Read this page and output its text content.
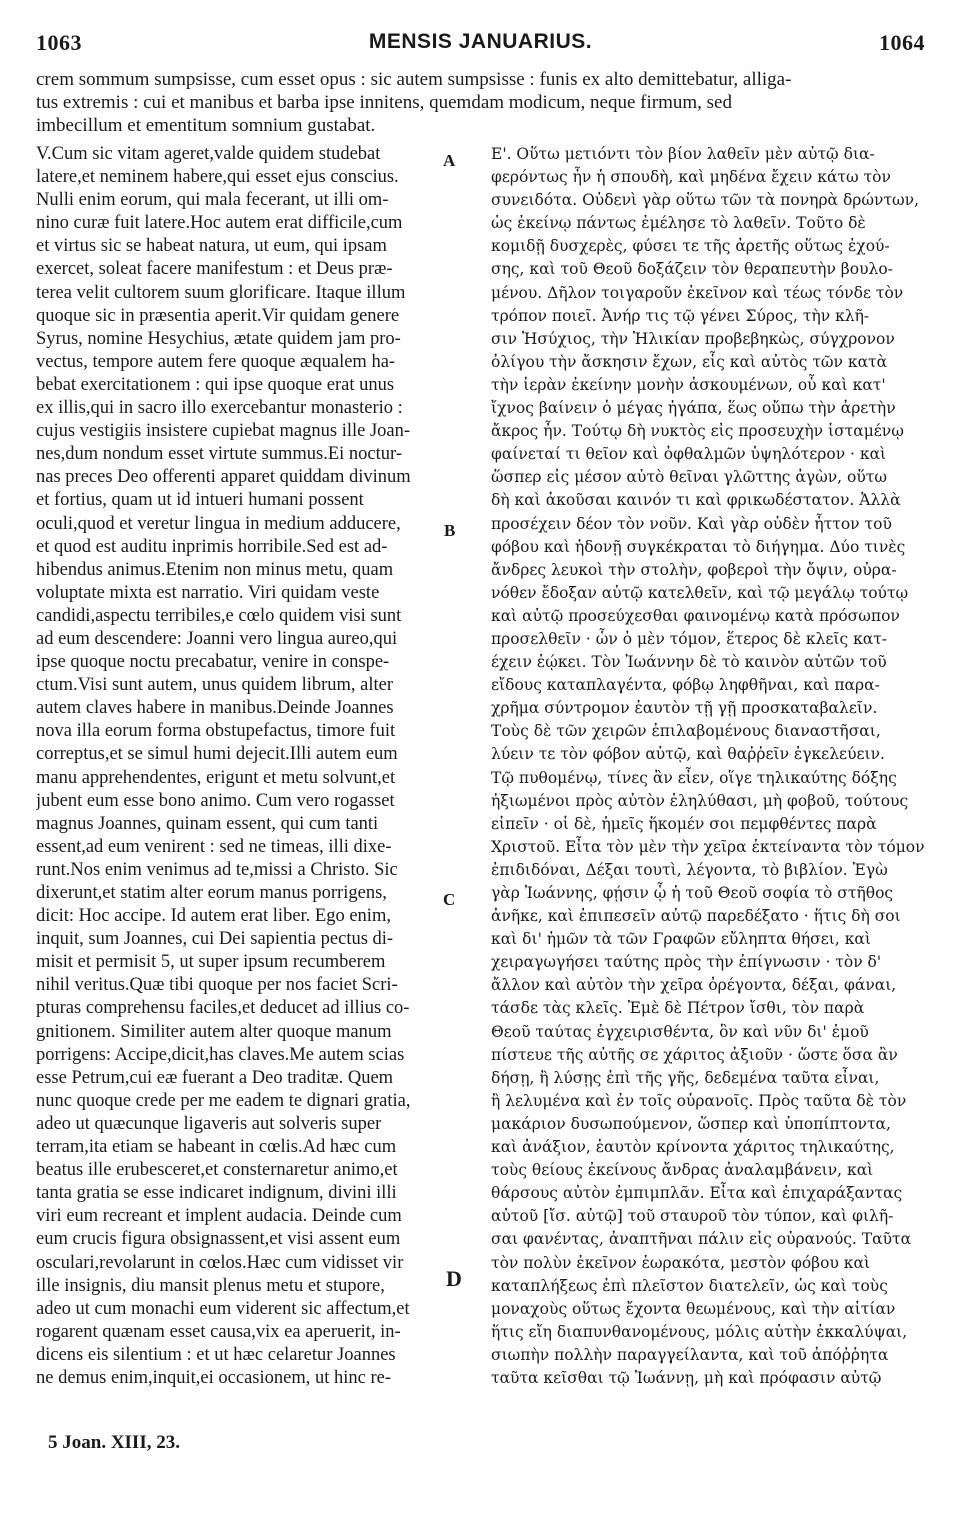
1063	MENSIS JANUARIUS.	1064
crem sommum sumpsisse, cum esset opus : sic autem sumpsisse : funis ex alto demittebatur, alliga-
tus extremis : cui et manibus et barba ipse innitens, quemdam modicum, neque firmum, sed
imbecillum et ementitum somnium gustabat.
V.Cum sic vitam ageret,valde quidem studebat
latere,et neminem habere,qui esset ejus conscius.
Nulli enim eorum, qui mala fecerant, ut illi om-
nino curæ fuit latere.Hoc autem erat difficile,cum
et virtus sic se habeat natura, ut eum, qui ipsam
exercet, soleat facere manifestum : et Deus præ-
terea velit cultorem suum glorificare. Itaque illum
quoque sic in præsentia aperit.Vir quidam genere
Syrus, nomine Hesychius, ætate quidem jam pro-
vectus, tempore autem fere quoque æqualem ha-
bebat exercitationem : qui ipse quoque erat unus
ex illis,qui in sacro illo exercebantur monasterio :
cujus vestigiis insistere cupiebat magnus ille Joan-
nes,dum nondum esset virtute summus.Ei noctur-
nas preces Deo offerenti apparet quiddam divinum
et fortius, quam ut id intueri humani possent
oculi,quod et veretur lingua in medium adducere,
et quod est auditu inprimis horribile.Sed est ad-
hibendus animus.Etenim non minus metu, quam
voluptate mixta est narratio. Viri quidam veste
candidi,aspectu terribiles,e cœlo quidem visi sunt
ad eum descendere: Joanni vero lingua aureo,qui
ipse quoque noctu precabatur, venire in conspe-
ctum.Visi sunt autem, unus quidem librum, alter
autem claves habere in manibus.Deinde Joannes
nova illa eorum forma obstupefactus, timore fuit
correptus,et se simul humi dejecit.Illi autem eum
manu apprehendentes, erigunt et metu solvunt,et
jubent eum esse bono animo. Cum vero rogasset
magnus Joannes, quinam essent, qui cum tanti
essent,ad eum venirent : sed ne timeas, illi dixe-
runt.Nos enim venimus ad te,missi a Christo. Sic
dixerunt,et statim alter eorum manus porrigens,
dicit: Hoc accipe. Id autem erat liber. Ego enim,
inquit, sum Joannes, cui Dei sapientia pectus di-
misit et permisit 5, ut super ipsum recumberem
nihil veritus.Quæ tibi quoque per nos faciet Scri-
pturas comprehensu faciles,et deducet ad illius co-
gnitionem. Similiter autem alter quoque manum
porrigens: Accipe,dicit,has claves.Me autem scias
esse Petrum,cui eæ fuerant a Deo traditæ. Quem
nunc quoque crede per me eadem te dignari gratia,
adeo ut quæcunque ligaveris aut solveris super
terram,ita etiam se habeant in cœlis.Ad hæc cum
beatus ille erubesceret,et consternaretur animo,et
tanta gratia se esse indicaret indignum, divini illi
viri eum recreant et implent audacia. Deinde cum
eum crucis figura obsignassent,et visi assent eum
osculari,revolarunt in cœlos.Hæc cum vidisset vir
ille insignis, diu mansit plenus metu et stupore,
adeo ut cum monachi eum viderent sic affectum,et
rogarent quænam esset causa,vix ea aperuerit, in-
dicens eis silentium : et ut hæc celaretur Joannes
ne demus enim,inquit,ei occasionem, ut hinc re-
Ε'. Οὕτω μετιόντι τὸν βίον λαθεῖν μὲν αὐτῷ δια-
φερόντως ἦν ἡ σπουδὴ, καὶ μηδένα ἔχειν κάτω τὸν
συνειδότα. Οὐδενὶ γὰρ οὕτω τῶν τὰ πονηρὰ δρώντων,
ὡς ἐκείνῳ πάντως ἐμέλησε τὸ λαθεῖν. Τοῦτο δὲ
κομιδῇ δυσχερὲς, φύσει τε τῆς ἀρετῆς οὕτως ἐχού-
σης, καὶ τοῦ Θεοῦ δοξάζειν τὸν θεραπευτὴν βουλο-
μένου. Δῆλον τοιγαροῦν ἐκεῖνον καὶ τέως τόνδε τὸν
τρόπον ποιεῖ. Ἀνήρ τις τῷ γένει Σύρος, τὴν κλῆ-
σιν Ἡσύχιος, τὴν Ἡλικίαν προβεβηκὼς, σύγχρονον
ὀλίγου τὴν ἄσκησιν ἔχων, εἷς καὶ αὐτὸς τῶν κατὰ
τὴν ἱερὰν ἐκείνην μονὴν ἀσκουμένων, οὗ καὶ κατ'
ἴχνος βαίνειν ὁ μέγας ἠγάπα, ἕως οὔπω τὴν ἀρετὴν
ἄκρος ἦν. Τούτῳ δὴ νυκτὸς εἰς προσευχὴν ἱσταμένῳ
φαίνεταί τι θεῖον καὶ ὀφθαλμῶν ὑψηλότερον · καὶ
ὥσπερ εἰς μέσον αὐτὸ θεῖναι γλῶττης ἀγὼν, οὕτω
δὴ καὶ ἀκοῦσαι καινόν τι καὶ φρικωδέστατον. Ἀλλὰ
προσέχειν δέον τὸν νοῦν. Καὶ γὰρ οὐδὲν ἧττον τοῦ
φόβου καὶ ἡδονῇ συγκέκραται τὸ διήγημα. Δύο τινὲς
ἄνδρες λευκοὶ τὴν στολὴν, φοβεροὶ τὴν ὄψιν, οὐρα-
νόθεν ἔδοξαν αὐτῷ κατελθεῖν, καὶ τῷ μεγάλῳ τούτῳ
καὶ αὐτῷ προσεύχεσθαι φαινομένῳ κατὰ πρόσωπον
προσελθεῖν · ὧν ὁ μὲν τόμον, ἕτερος δὲ κλεῖς κατ-
έχειν ἐῴκει. Τὸν Ἰωάννην δὲ τὸ καινὸν αὐτῶν τοῦ
εἴδους καταπλαγέντα, φόβῳ ληφθῆναι, καὶ παρα-
χρῆμα σύντρομον ἑαυτὸν τῇ γῇ προσκαταβαλεῖν.
Τοὺς δὲ τῶν χειρῶν ἐπιλαβομένους διαναστῆσαι,
λύειν τε τὸν φόβον αὐτῷ, καὶ θαῤῥεῖν ἐγκελεύειν.
Τῷ πυθομένῳ, τίνες ἂν εἶεν, οἵγε τηλικαύτης δόξης
ἠξιωμένοι πρὸς αὐτὸν ἐληλύθασι, μὴ φοβοῦ, τούτους
εἰπεῖν · οἱ δὲ, ἡμεῖς ἥκομέν σοι πεμφθέντες παρὰ
Χριστοῦ. Εἶτα τὸν μὲν τὴν χεῖρα ἐκτείναντα τὸν τόμον
ἐπιδιδόναι, Δέξαι τουτὶ, λέγοντα, τὸ βιβλίον. Ἐγὼ
γὰρ Ἰωάννης, φῄσιν ᾧ ἡ τοῦ Θεοῦ σοφία τὸ στῆθος
ἀνῆκε, καὶ ἐπιπεσεῖν αὐτῷ παρεδέξατο · ἥτις δὴ σοι
καὶ δι' ἡμῶν τὰ τῶν Γραφῶν εὔληπτα θήσει, καὶ
χειραγωγήσει ταύτης πρὸς τὴν ἐπίγνωσιν · τὸν δ'
ἄλλον καὶ αὐτὸν τὴν χεῖρα ὀρέγοντα, δέξαι, φάναι,
τάσδε τὰς κλεῖς. Ἐμὲ δὲ Πέτρον ἴσθι, τὸν παρὰ
Θεοῦ ταύτας ἐγχειρισθέντα, ὃν καὶ νῦν δι' ἐμοῦ
πίστευε τῆς αὐτῆς σε χάριτος ἀξιοῦν · ὥστε ὅσα ἂν
δήσῃ, ἢ λύσῃς ἐπὶ τῆς γῆς, δεδεμένα ταῦτα εἶναι,
ἢ λελυμένα καὶ ἐν τοῖς οὐρανοῖς. Πρὸς ταῦτα δὲ τὸν
μακάριον δυσωπούμενον, ὥσπερ καὶ ὑποπίπτοντα,
καὶ ἀνάξιον, ἑαυτὸν κρίνοντα χάριτος τηλικαύτης,
τοὺς θείους ἐκείνους ἄνδρας ἀναλαμβάνειν, καὶ
θάρσους αὐτὸν ἐμπιμπλᾶν. Εἶτα καὶ ἐπιχαράξαντας
αὐτοῦ [ἴσ. αὐτῷ] τοῦ σταυροῦ τὸν τύπον, καὶ φιλῆ-
σαι φανέντας, ἀναπτῆναι πάλιν εἰς οὐρανούς. Ταῦτα
τὸν πολὺν ἐκεῖνον ἑωρακότα, μεστὸν φόβου καὶ
καταπλήξεως ἐπὶ πλεῖστον διατελεῖν, ὡς καὶ τοὺς
μοναχοὺς οὕτως ἔχοντα θεωμένους, καὶ τὴν αἰτίαν
ἥτις εἴη διαπυνθανομένους, μόλις αὐτὴν ἐκκαλύψαι,
σιωπὴν πολλὴν παραγγείλαντα, καὶ τοῦ ἀπόῤῥητα
ταῦτα κεῖσθαι τῷ Ἰωάννῃ, μὴ καὶ πρόφασιν αὐτῷ
A
B
C
D
5 Joan. XIII, 23.
